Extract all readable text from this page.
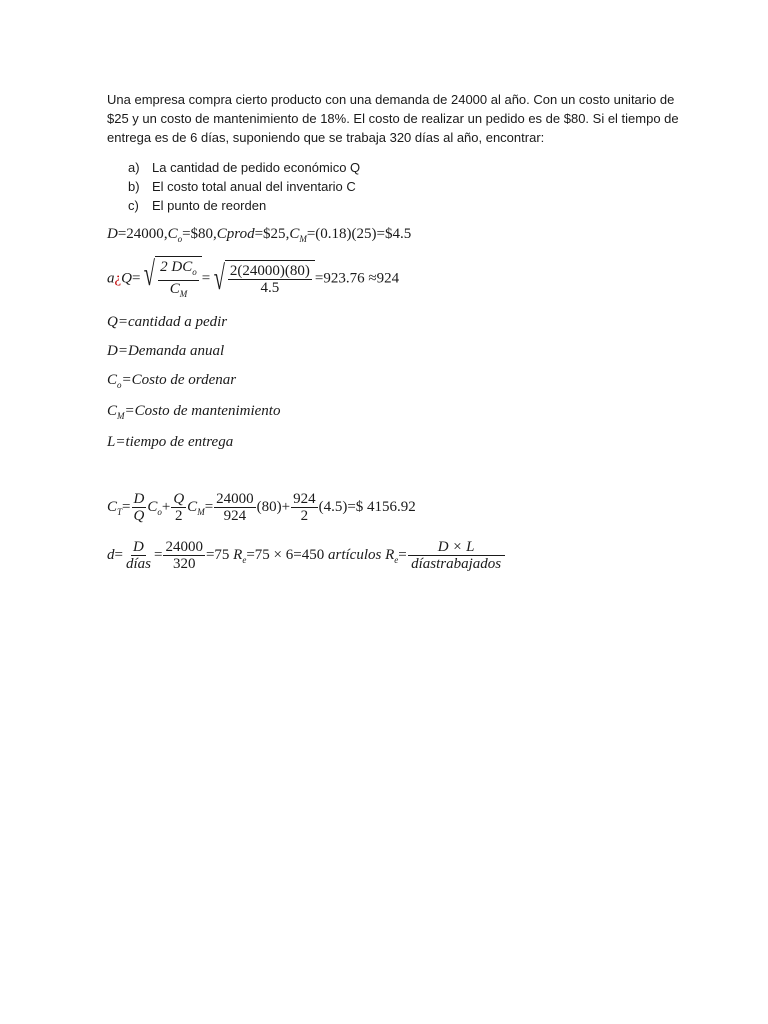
Una empresa compra cierto producto con una demanda de 24000 al año. Con un costo unitario de
$25 y un costo de mantenimiento de 18%. El costo de realizar un pedido es de $80. Si el tiempo de
entrega es de 6 días, suponiendo que se trabaja 320 días al año, encontrar:
a) La cantidad de pedido económico Q
b) El costo total anual del inventario C
c) El punto de reorden
$D=24000,C_o=\$80,Cprod=\$25,C_M=(0.18)(25)=\$4.5$
a¿Q= √ $\frac{2 DC_o}{C_M}$ = √ $\frac{2(24000)(80)}{4.5} =923.76 \approx 924$
Q=cantidad a pedir
D=Demanda anual
$C_o=Costo$ de ordenar
$C_M=Costo$ de mantenimiento
L=tiempo de entrega
$C_T= \frac{D}{Q} C_o+ \frac{Q}{2} C_M= \frac{24000}{924} (80)+ \frac{924}{2}$ (4.5)=$ 4156.92
$d= \frac{D}{\text{días}} = \frac{24000}{320} =75$ $R_e=75 \times 6=450$ artículos $R_e= \frac{D \times L}{\text{díastrabajados}}$
